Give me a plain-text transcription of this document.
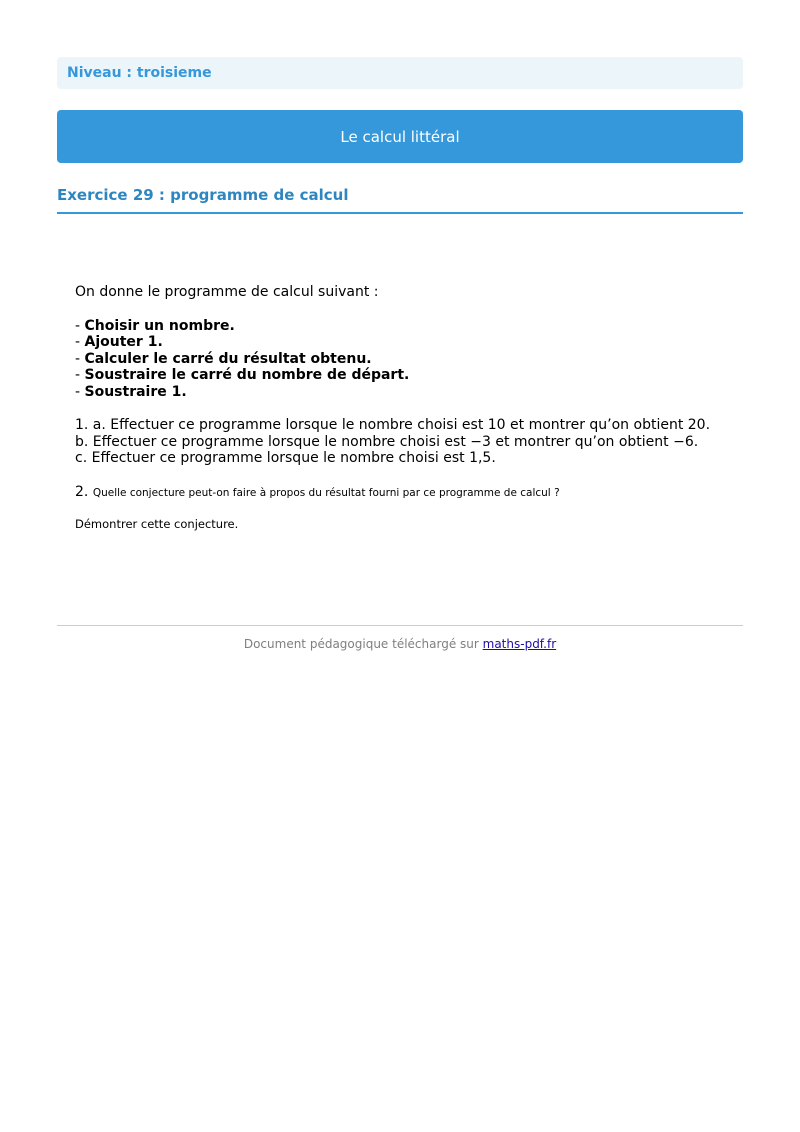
Niveau : troisieme
Le calcul littéral
Exercice 29 : programme de calcul

On donne le programme de calcul suivant :

- Choisir un nombre.
- Ajouter 1.
- Calculer le carré du résultat obtenu.
- Soustraire le carré du nombre de départ.
- Soustraire 1.
1. a. Effectuer ce programme lorsque le nombre choisi est 10 et montrer qu’on obtient 20.
b. Effectuer ce programme lorsque le nombre choisi est −3 et montrer qu’on obtient −6.
c. Effectuer ce programme lorsque le nombre choisi est 1,5.
2. Quelle conjecture peut-on faire à propos du résultat fourni par ce programme de calcul ?
Démontrer cette conjecture.
Document pédagogique téléchargé sur maths-pdf.fr
